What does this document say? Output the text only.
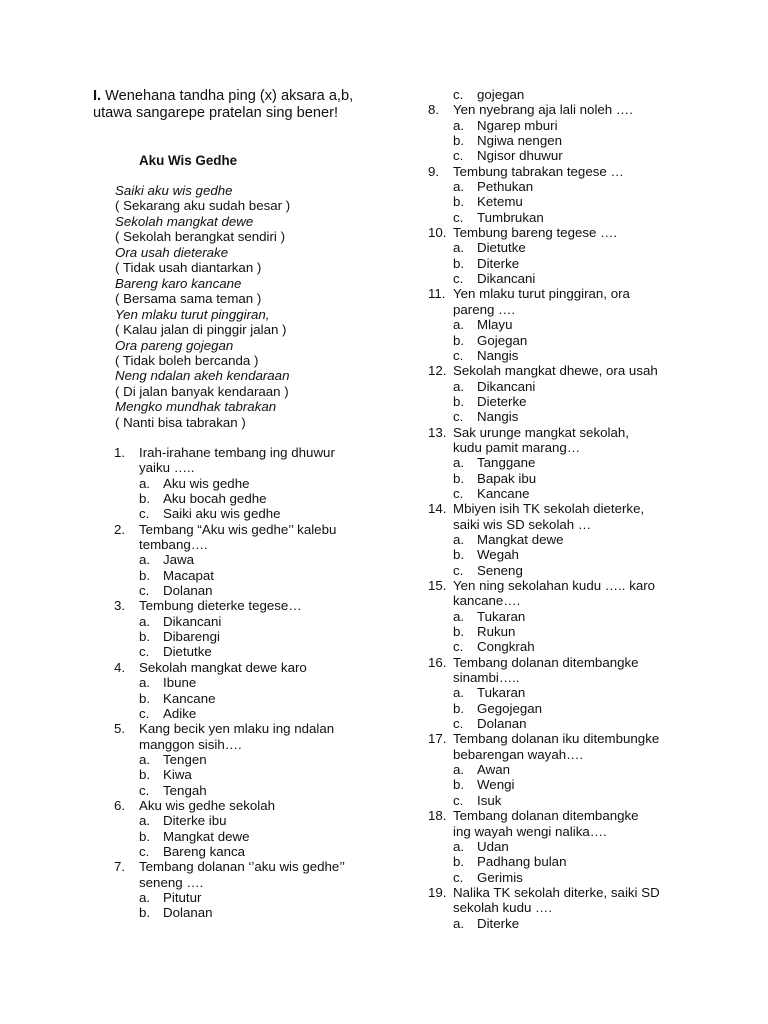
I. Wenehana tandha ping (x) aksara a,b, utawa sangarepe pratelan sing bener!

Aku Wis Gedhe

Saiki aku wis gedhe
( Sekarang aku sudah besar )
Sekolah mangkat dewe
( Sekolah berangkat sendiri )
Ora usah dieterake
( Tidak usah diantarkan )
Bareng karo kancane
( Bersama sama teman )
Yen mlaku turut pinggiran,
( Kalau jalan di pinggir jalan )
Ora pareng gojegan
( Tidak boleh bercanda )
Neng ndalan akeh kendaraan
( Di jalan banyak kendaraan )
Mengko mundhak tabrakan
( Nanti bisa tabrakan )
1. Irah-irahane tembang ing dhuwur
yaiku …..
a. Aku wis gedhe
b. Aku bocah gedhe
c. Saiki aku wis gedhe
2. Tembang “Aku wis gedhe’’ kalebu
tembang….
a. Jawa
b. Macapat
c. Dolanan
3. Tembung dieterke tegese…
a. Dikancani
b. Dibarengi
c. Dietutke
4. Sekolah mangkat dewe karo
a. Ibune
b. Kancane
c. Adike
5. Kang becik yen mlaku ing ndalan
manggon sisih….
a. Tengen
b. Kiwa
c. Tengah
6. Aku wis gedhe sekolah
a. Diterke ibu
b. Mangkat dewe
c. Bareng kanca
7. Tembang dolanan ‘’aku wis gedhe’’
seneng ….
a. Pitutur
b. Dolanan
c. gojegan
8. Yen nyebrang aja lali noleh ….
a. Ngarep mburi
b. Ngiwa nengen
c. Ngisor dhuwur
9. Tembung tabrakan tegese …
a. Pethukan
b. Ketemu
c. Tumbrukan
10. Tembung bareng tegese ….
a. Dietutke
b. Diterke
c. Dikancani
11. Yen mlaku turut pinggiran, ora
pareng ….
a. Mlayu
b. Gojegan
c. Nangis
12. Sekolah mangkat dhewe, ora usah
a. Dikancani
b. Dieterke
c. Nangis
13. Sak urunge mangkat sekolah,
kudu pamit marang…
a. Tanggane
b. Bapak ibu
c. Kancane
14. Mbiyen isih TK sekolah dieterke,
saiki wis SD sekolah …
a. Mangkat dewe
b. Wegah
c. Seneng
15. Yen ning sekolahan kudu ….. karo
kancane….
a. Tukaran
b. Rukun
c. Congkrah
16. Tembang dolanan ditembangke
sinambi…..
a. Tukaran
b. Gegojegan
c. Dolanan
17. Tembang dolanan iku ditembungke
bebarengan wayah….
a. Awan
b. Wengi
c. Isuk
18. Tembang dolanan ditembangke
ing wayah wengi nalika….
a. Udan
b. Padhang bulan
c. Gerimis
19. Nalika TK sekolah diterke, saiki SD
sekolah kudu ….
a. Diterke
